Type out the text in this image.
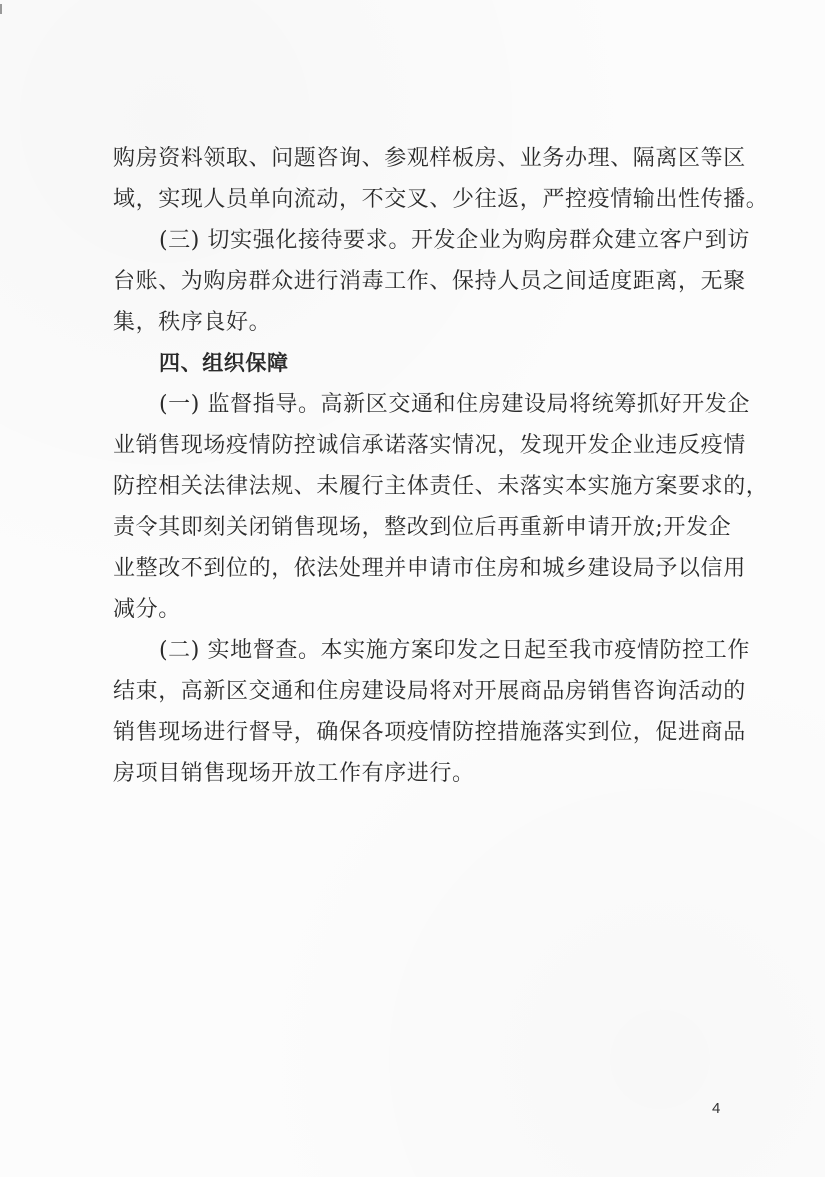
购房资料领取、问题咨询、参观样板房、业务办理、隔离区等区
域，实现人员单向流动，不交叉、少往返，严控疫情输出性传播。
(三) 切实强化接待要求。开发企业为购房群众建立客户到访
台账、为购房群众进行消毒工作、保持人员之间适度距离，无聚
集，秩序良好。
四、组织保障
(一) 监督指导。高新区交通和住房建设局将统筹抓好开发企
业销售现场疫情防控诚信承诺落实情况，发现开发企业违反疫情
防控相关法律法规、未履行主体责任、未落实本实施方案要求的，
责令其即刻关闭销售现场，整改到位后再重新申请开放;开发企
业整改不到位的，依法处理并申请市住房和城乡建设局予以信用
减分。
(二) 实地督查。本实施方案印发之日起至我市疫情防控工作
结束，高新区交通和住房建设局将对开展商品房销售咨询活动的
销售现场进行督导，确保各项疫情防控措施落实到位，促进商品
房项目销售现场开放工作有序进行。
4
